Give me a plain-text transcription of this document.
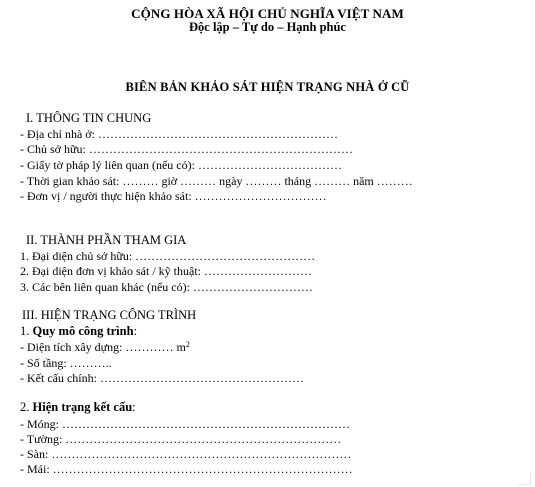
CỘNG HÒA XÃ HỘI CHỦ NGHĨA VIỆT NAM
Độc lập – Tự do – Hạnh phúc
BIÊN BẢN KHẢO SÁT HIỆN TRẠNG NHÀ Ở CŨ
I. THÔNG TIN CHUNG
- Địa chỉ nhà ở: ……………………………………………………
- Chủ sở hữu: …………………………………………………………
- Giấy tờ pháp lý liên quan (nếu có): ………………………………
- Thời gian khảo sát: ……… giờ ……… ngày ……… tháng ……… năm ………
- Đơn vị / người thực hiện khảo sát: ……………………………
II. THÀNH PHẦN THAM GIA
1. Đại diện chủ sở hữu: ………………………………………
2. Đại diện đơn vị khảo sát / kỹ thuật: ………………………
3. Các bên liên quan khác (nếu có): …………………………
III. HIỆN TRẠNG CÔNG TRÌNH
1. Quy mô công trình:
- Diện tích xây dựng: ………… $m^2$
- Số tầng: ………..
- Kết cấu chính: ……………………………………………
2. Hiện trạng kết cấu:
- Móng: ………………………………………………………………
- Tường: ……………………………………………………………
- Sàn: …………………………………………………………………
- Mái: …………………………………………………………………
